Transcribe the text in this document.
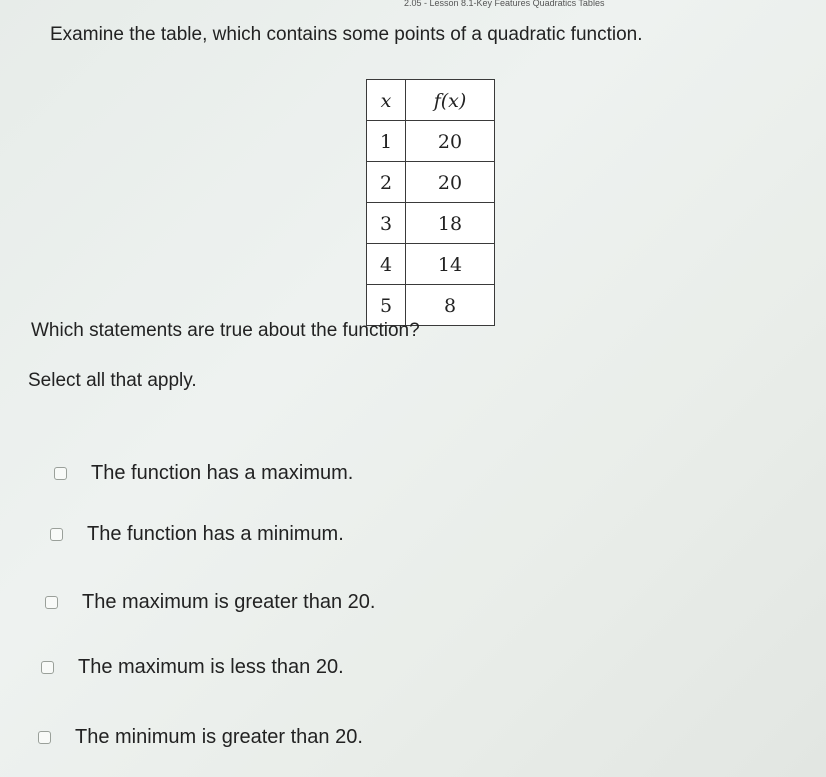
2.05 - Lesson 8.1-Key Features Quadratics Tables
Examine the table, which contains some points of a quadratic function.
x	f(x)
1	20
2	20
3	18
4	14
5	8
Which statements are true about the function?
Select all that apply.
The function has a maximum.
The function has a minimum.
The maximum is greater than 20.
The maximum is less than 20.
The minimum is greater than 20.
